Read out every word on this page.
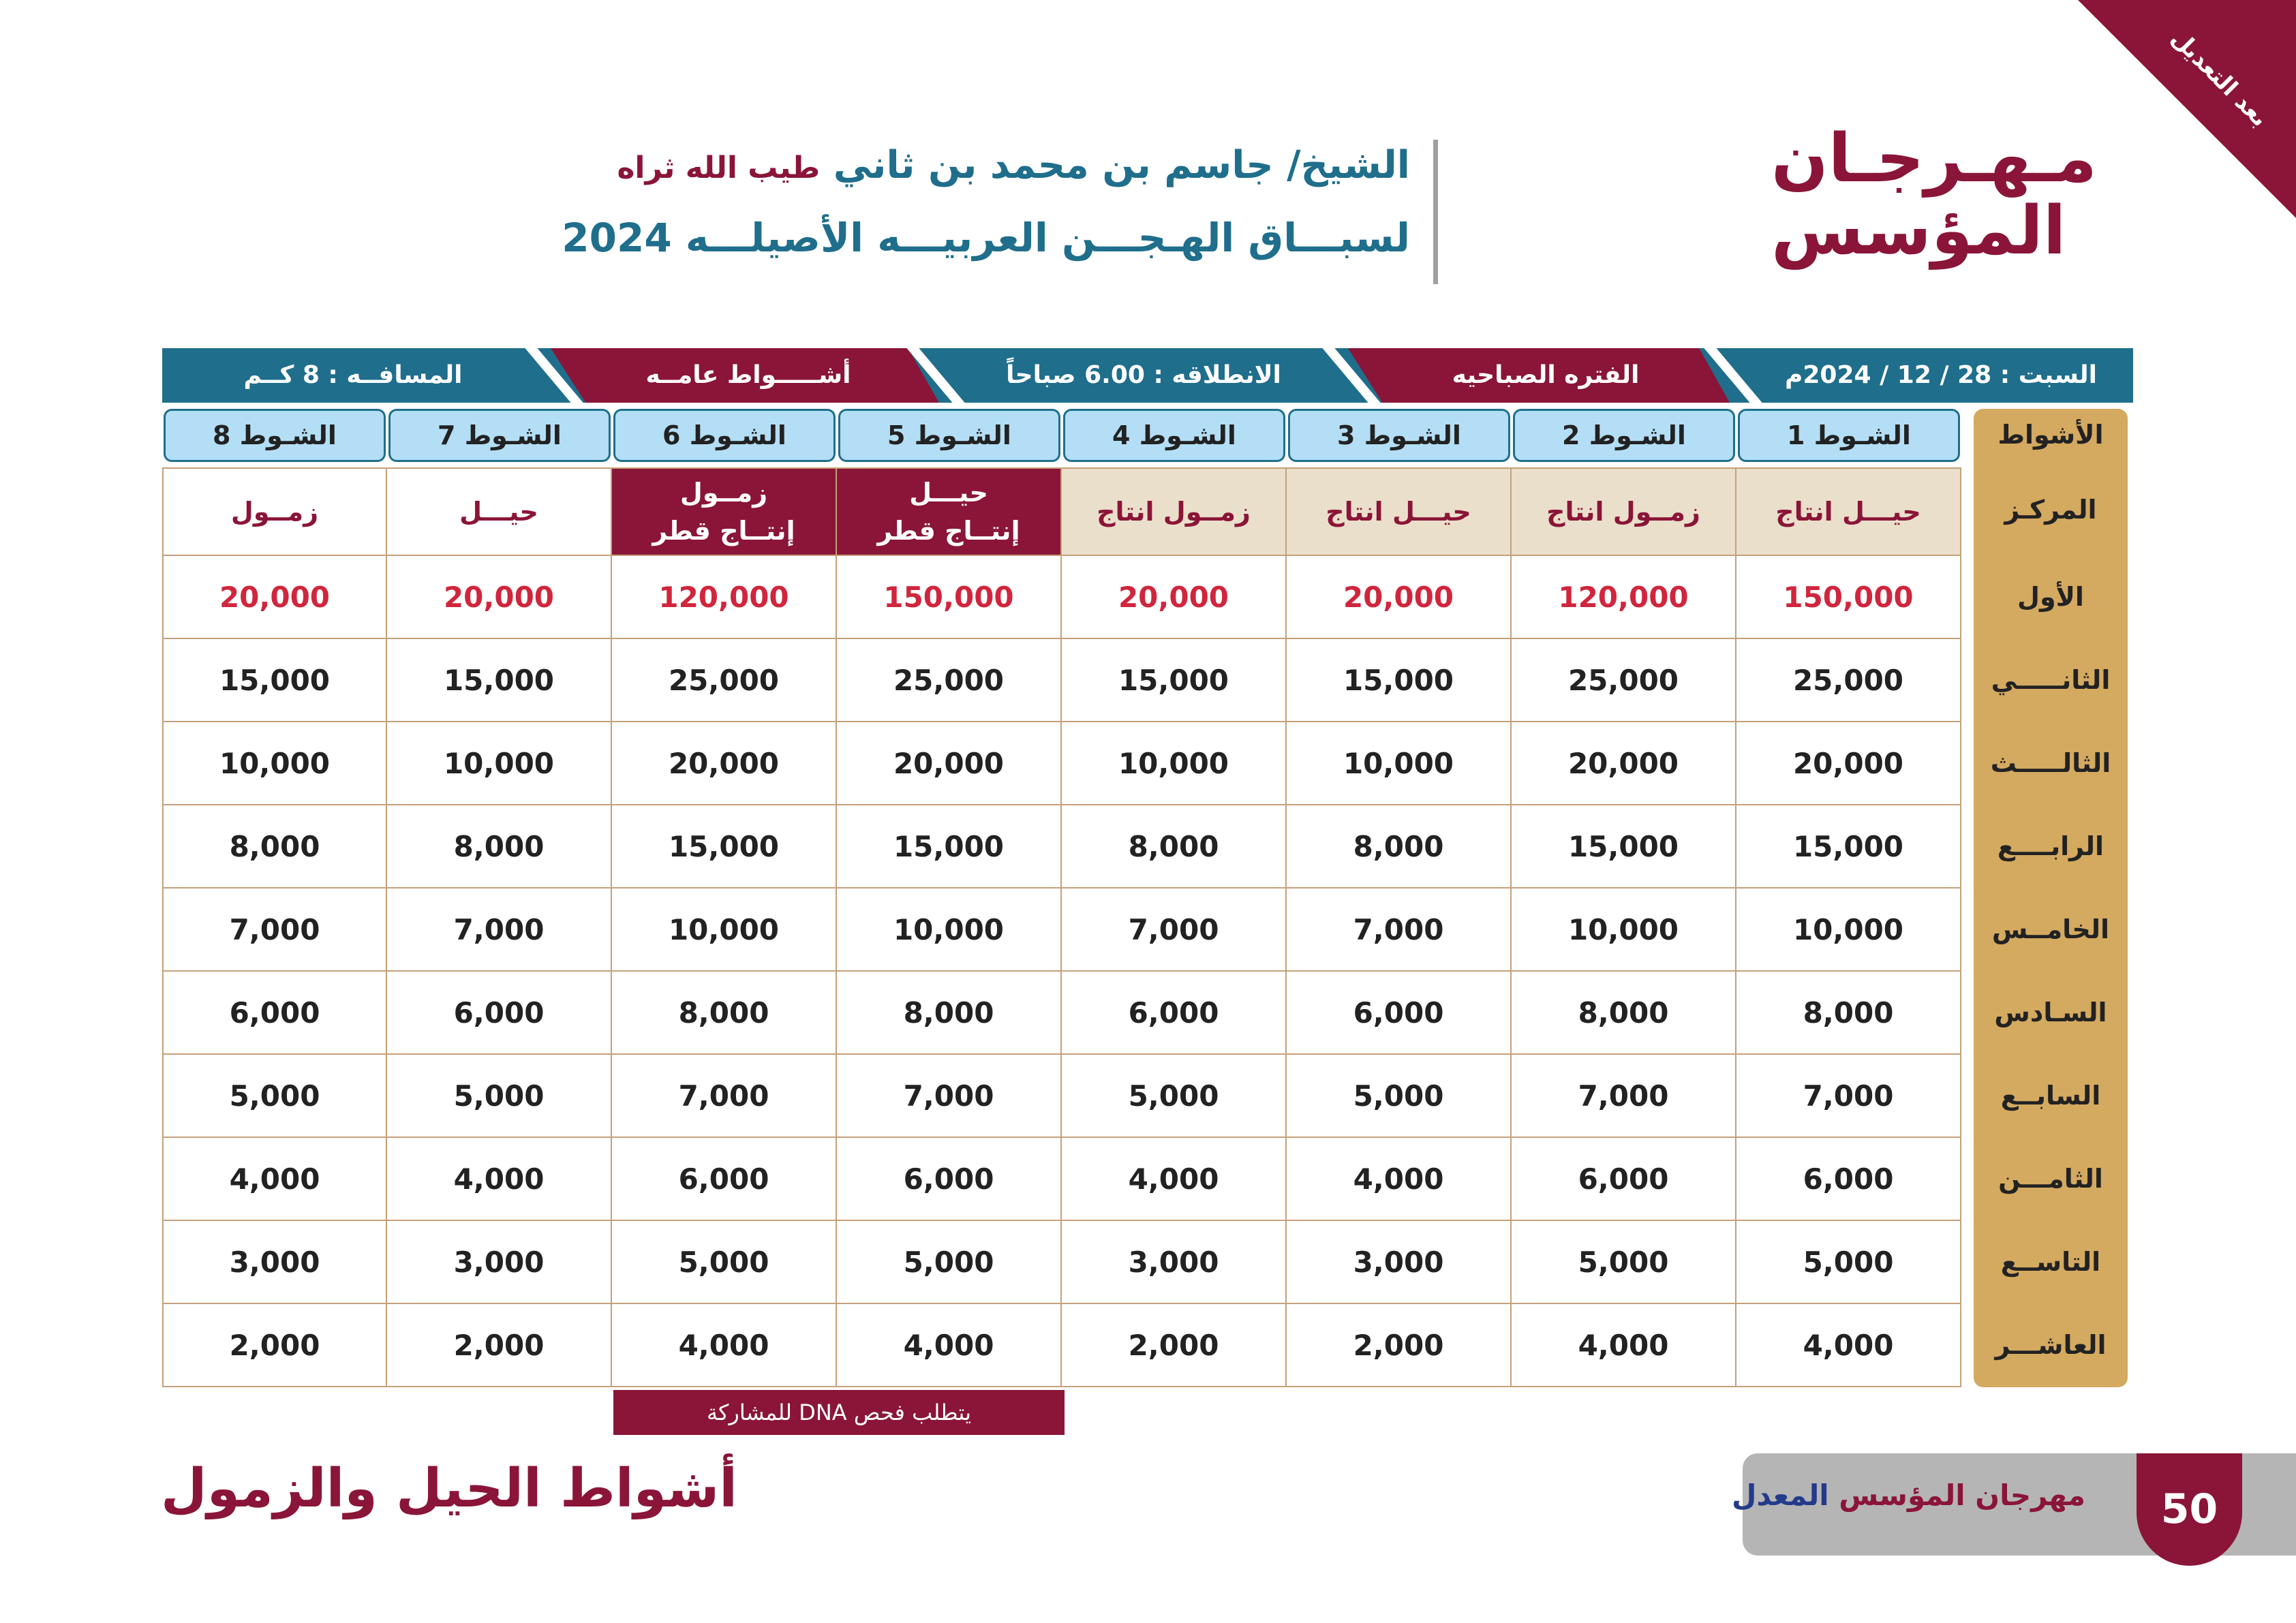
بعد التعديل
مـهـرجـان
المؤسس
الشيخ/ جاسم بن محمد بن ثاني طيب الله ثراه
لسبـــاق الهـجـــن العربيـــه الأصيلـــه 2024
السبت : 28 / 12 / 2024م
الفتره الصباحيه
الانطلاقه : 6.00 صباحاً
أشـــــواط عامــه
المسافــه : 8 كــم
الأشواط
المركـز
الأول
الثانـــــي
الثالـــــث
الرابــــع
الخامــس
السـادس
السابــع
الثامـــن
التاســع
العاشـــر
الشـوط 1
حيـــل انتاج
150,000
25,000
20,000
15,000
10,000
8,000
7,000
6,000
5,000
4,000
الشـوط 2
زمــول انتاج
120,000
25,000
20,000
15,000
10,000
8,000
7,000
6,000
5,000
4,000
الشـوط 3
حيـــل انتاج
20,000
15,000
10,000
8,000
7,000
6,000
5,000
4,000
3,000
2,000
الشـوط 4
زمــول انتاج
20,000
15,000
10,000
8,000
7,000
6,000
5,000
4,000
3,000
2,000
الشـوط 5
حيـــل
إنتــاج قطر
150,000
25,000
20,000
15,000
10,000
8,000
7,000
6,000
5,000
4,000
الشـوط 6
زمــول
إنتــاج قطر
120,000
25,000
20,000
15,000
10,000
8,000
7,000
6,000
5,000
4,000
الشـوط 7
حيـــل
20,000
15,000
10,000
8,000
7,000
6,000
5,000
4,000
3,000
2,000
الشـوط 8
زمــول
20,000
15,000
10,000
8,000
7,000
6,000
5,000
4,000
3,000
2,000
يتطلب فحص DNA للمشاركة
أشواط الحيل والزمول	مهرجان المؤسس المعدل	50
